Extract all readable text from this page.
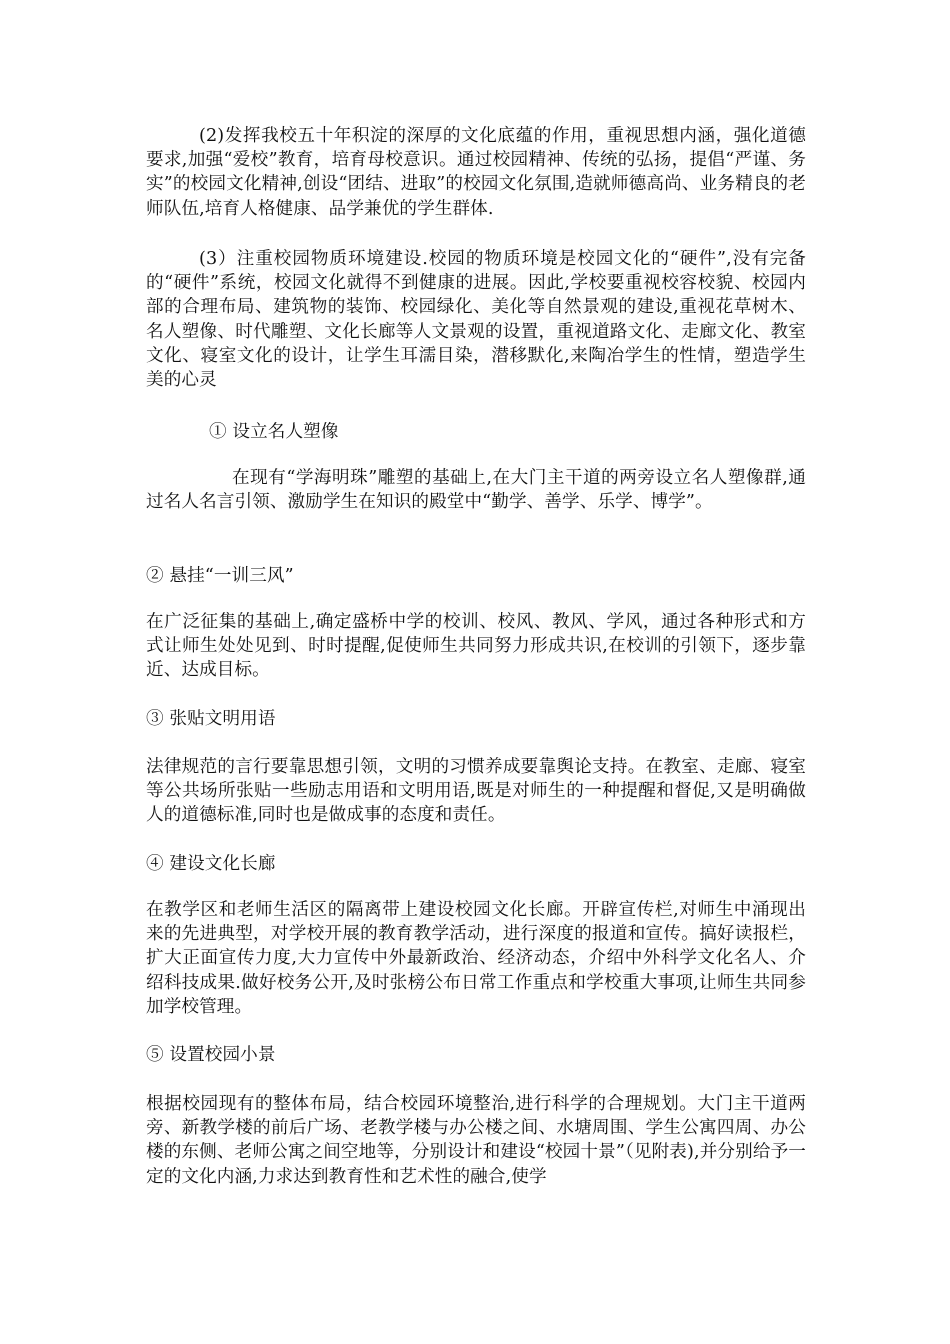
(2)发挥我校五十年积淀的深厚的文化底蕴的作用，重视思想内涵，强化道德要求,加强“爱校”教育，培育母校意识。通过校园精神、传统的弘扬，提倡“严谨、务实”的校园文化精神,创设“团结、进取”的校园文化氛围,造就师德高尚、业务精良的老师队伍,培育人格健康、品学兼优的学生群体.

(3）注重校园物质环境建设.校园的物质环境是校园文化的“硬件”,没有完备的“硬件”系统，校园文化就得不到健康的进展。因此,学校要重视校容校貌、校园内部的合理布局、建筑物的装饰、校园绿化、美化等自然景观的建设,重视花草树木、名人塑像、时代雕塑、文化长廊等人文景观的设置，重视道路文化、走廊文化、教室文化、寝室文化的设计，让学生耳濡目染，潜移默化,来陶冶学生的性情，塑造学生美的心灵

① 设立名人塑像

在现有“学海明珠”雕塑的基础上,在大门主干道的两旁设立名人塑像群,通过名人名言引领、激励学生在知识的殿堂中“勤学、善学、乐学、博学”。

② 悬挂“一训三风”

在广泛征集的基础上,确定盛桥中学的校训、校风、教风、学风，通过各种形式和方式让师生处处见到、时时提醒,促使师生共同努力形成共识,在校训的引领下，逐步靠近、达成目标。

③ 张贴文明用语

法律规范的言行要靠思想引领，文明的习惯养成要靠舆论支持。在教室、走廊、寝室等公共场所张贴一些励志用语和文明用语,既是对师生的一种提醒和督促,又是明确做人的道德标准,同时也是做成事的态度和责任。

④ 建设文化长廊

在教学区和老师生活区的隔离带上建设校园文化长廊。开辟宣传栏,对师生中涌现出来的先进典型，对学校开展的教育教学活动，进行深度的报道和宣传。搞好读报栏，扩大正面宣传力度,大力宣传中外最新政治、经济动态，介绍中外科学文化名人、介绍科技成果.做好校务公开,及时张榜公布日常工作重点和学校重大事项,让师生共同参加学校管理。

⑤ 设置校园小景

根据校园现有的整体布局，结合校园环境整治,进行科学的合理规划。大门主干道两旁、新教学楼的前后广场、老教学楼与办公楼之间、水塘周围、学生公寓四周、办公楼的东侧、老师公寓之间空地等，分别设计和建设“校园十景”（见附表),并分别给予一定的文化内涵,力求达到教育性和艺术性的融合,使学
